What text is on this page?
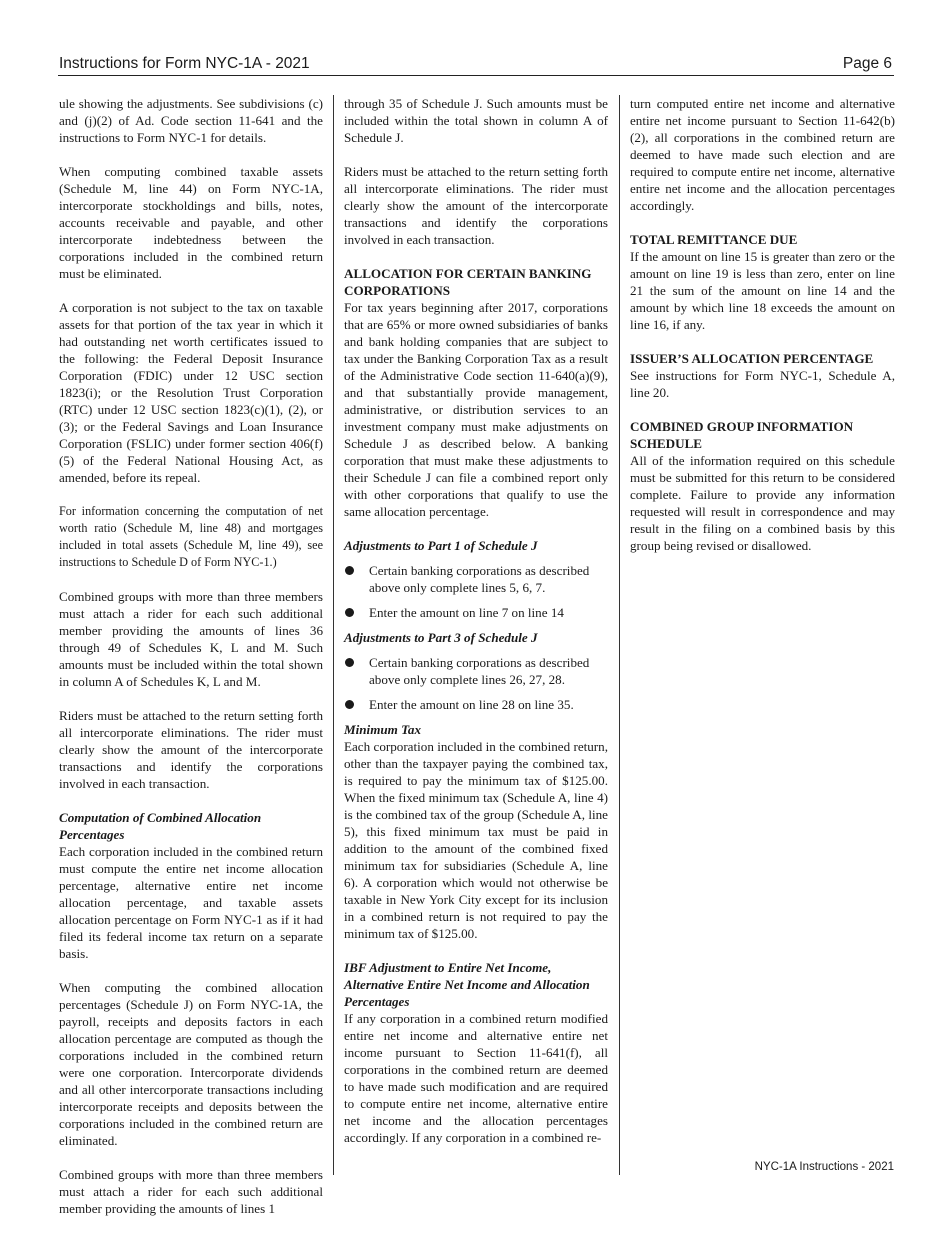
Instructions for Form NYC-1A - 2021	Page 6

ule showing the adjustments. See subdivisions (c) and (j)(2) of Ad. Code section 11-641 and the instructions to Form NYC-1 for details.

When computing combined taxable assets (Schedule M, line 44) on Form NYC-1A, intercorporate stockholdings and bills, notes, accounts receivable and payable, and other intercorporate indebtedness between the corporations included in the combined return must be eliminated.

A corporation is not subject to the tax on taxable assets for that portion of the tax year in which it had outstanding net worth certificates issued to the following: the Federal Deposit Insurance Corporation (FDIC) under 12 USC section 1823(i); or the Resolution Trust Corporation (RTC) under 12 USC section 1823(c)(1), (2), or (3); or the Federal Savings and Loan Insurance Corporation (FSLIC) under former section 406(f)(5) of the Federal National Housing Act, as amended, before its repeal.

For information concerning the computation of net worth ratio (Schedule M, line 48) and mortgages included in total assets (Schedule M, line 49), see instructions to Schedule D of Form NYC-1.)

Combined groups with more than three members must attach a rider for each such additional member providing the amounts of lines 36 through 49 of Schedules K, L and M. Such amounts must be included within the total shown in column A of Schedules K, L and M.

Riders must be attached to the return setting forth all intercorporate eliminations. The rider must clearly show the amount of the intercorporate transactions and identify the corporations involved in each transaction.

Computation of Combined Allocation Percentages

Each corporation included in the combined return must compute the entire net income allocation percentage, alternative entire net income allocation percentage, and taxable assets allocation percentage on Form NYC-1 as if it had filed its federal income tax return on a separate basis.

When computing the combined allocation percentages (Schedule J) on Form NYC-1A, the payroll, receipts and deposits factors in each allocation percentage are computed as though the corporations included in the combined return were one corporation. Intercorporate dividends and all other intercorporate transactions including intercorporate receipts and deposits between the corporations included in the combined return are eliminated.

Combined groups with more than three members must attach a rider for each such additional member providing the amounts of lines 1

through 35 of Schedule J. Such amounts must be included within the total shown in column A of Schedule J.

Riders must be attached to the return setting forth all intercorporate eliminations. The rider must clearly show the amount of the intercorporate transactions and identify the corporations involved in each transaction.

ALLOCATION FOR CERTAIN BANKING CORPORATIONS

For tax years beginning after 2017, corporations that are 65% or more owned subsidiaries of banks and bank holding companies that are subject to tax under the Banking Corporation Tax as a result of the Administrative Code section 11-640(a)(9), and that substantially provide management, administrative, or distribution services to an investment company must make adjustments on Schedule J as described below. A banking corporation that must make these adjustments to their Schedule J can file a combined report only with other corporations that qualify to use the same allocation percentage.

Adjustments to Part 1 of Schedule J
Certain banking corporations as described above only complete lines 5, 6, 7.
Enter the amount on line 7 on line 14
Adjustments to Part 3 of Schedule J
Certain banking corporations as described above only complete lines 26, 27, 28.
Enter the amount on line 28 on line 35.
Minimum Tax

Each corporation included in the combined return, other than the taxpayer paying the combined tax, is required to pay the minimum tax of $125.00. When the fixed minimum tax (Schedule A, line 4) is the combined tax of the group (Schedule A, line 5), this fixed minimum tax must be paid in addition to the amount of the combined fixed minimum tax for subsidiaries (Schedule A, line 6). A corporation which would not otherwise be taxable in New York City except for its inclusion in a combined return is not required to pay the minimum tax of $125.00.

IBF Adjustment to Entire Net Income, Alternative Entire Net Income and Allocation Percentages

If any corporation in a combined return modified entire net income and alternative entire net income pursuant to Section 11-641(f), all corporations in the combined return are deemed to have made such modification and are required to compute entire net income, alternative entire net income and the allocation percentages accordingly. If any corporation in a combined re-

turn computed entire net income and alternative entire net income pursuant to Section 11-642(b)(2), all corporations in the combined return are deemed to have made such election and are required to compute entire net income, alternative entire net income and the allocation percentages accordingly.

TOTAL REMITTANCE DUE

If the amount on line 15 is greater than zero or the amount on line 19 is less than zero, enter on line 21 the sum of the amount on line 14 and the amount by which line 18 exceeds the amount on line 16, if any.

ISSUER’S ALLOCATION PERCENTAGE

See instructions for Form NYC-1, Schedule A, line 20.

COMBINED GROUP INFORMATION SCHEDULE

All of the information required on this schedule must be submitted for this return to be considered complete. Failure to provide any information requested will result in correspondence and may result in the filing on a combined basis by this group being revised or disallowed.

NYC-1A Instructions - 2021
